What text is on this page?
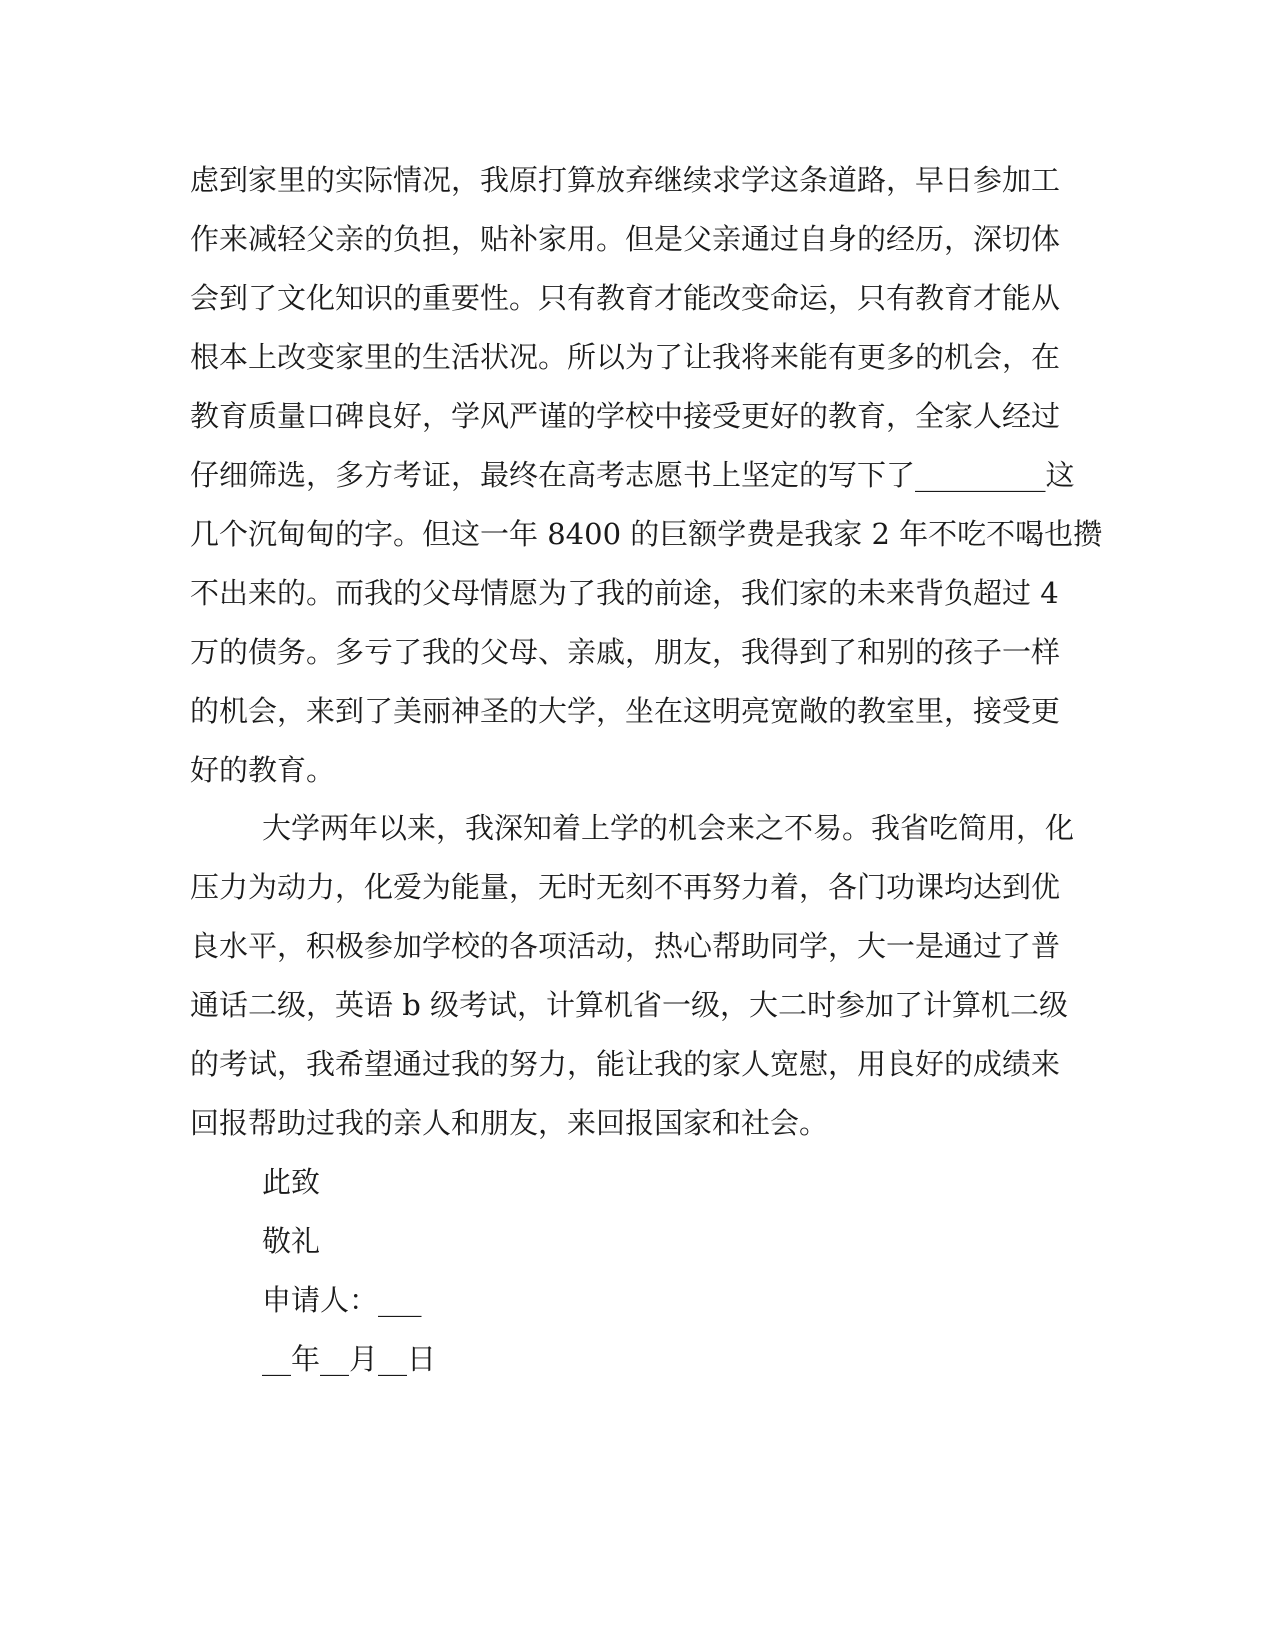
虑到家里的实际情况，我原打算放弃继续求学这条道路，早日参加工
作来减轻父亲的负担，贴补家用。但是父亲通过自身的经历，深切体
会到了文化知识的重要性。只有教育才能改变命运，只有教育才能从
根本上改变家里的生活状况。所以为了让我将来能有更多的机会，在
教育质量口碑良好，学风严谨的学校中接受更好的教育，全家人经过
仔细筛选，多方考证，最终在高考志愿书上坚定的写下了_________这
几个沉甸甸的字。但这一年 8400 的巨额学费是我家 2 年不吃不喝也攒
不出来的。而我的父母情愿为了我的前途，我们家的未来背负超过 4
万的债务。多亏了我的父母、亲戚，朋友，我得到了和别的孩子一样
的机会，来到了美丽神圣的大学，坐在这明亮宽敞的教室里，接受更
好的教育。
大学两年以来，我深知着上学的机会来之不易。我省吃简用，化
压力为动力，化爱为能量，无时无刻不再努力着，各门功课均达到优
良水平，积极参加学校的各项活动，热心帮助同学，大一是通过了普
通话二级，英语 b 级考试，计算机省一级，大二时参加了计算机二级
的考试，我希望通过我的努力，能让我的家人宽慰，用良好的成绩来
回报帮助过我的亲人和朋友，来回报国家和社会。
此致
敬礼
申请人：___
__年__月__日
